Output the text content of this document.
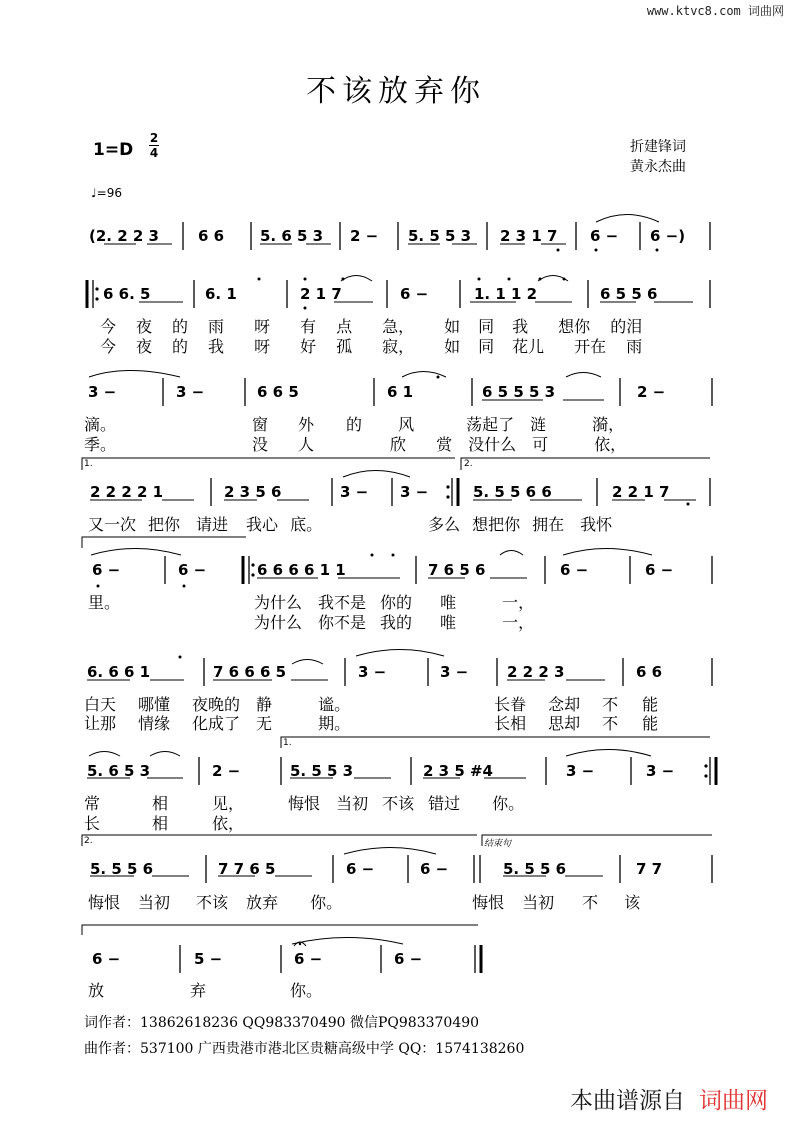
www.ktvc8.com 词曲网
不该放弃你
1=D
2
4	折建锋词
黄永杰曲
♩=96
1.	2.
1.
2.	结束句
(2. 2 2 3	6 6 5. 6 5 3 2 − 5. 5 5 3 2 3 1 7 6 − 6 −)
6 6. 5	6. 1	2 1 7	6 −	1. 1 1 2	6 5 5 6
今 夜 的 雨 呀 有 点 急， 如 同 我 想你 的泪
今 夜 的 我 呀 好 孤 寂， 如 同 花儿 开在 雨
3 −	3 −	6 6 5	6 1	6 5 5 5 3	2 −
滴。	窗 外 的 风	荡起了 涟	漪，
季。	没 人	欣 赏 没什么 可	依，
2 2 2 2 1	2 3 5 6	3 − 3 −	5. 5 5 6 6	2 2 1 7
又一次 把你 请进 我心 底。	多么 想把你 拥在 我怀
6 −	6 −	6 6 6 6 1 1	7 6 5 6	6 −	6 −
里。	为什么 我不是 你的 唯	一，
为什么 你不是 我的 唯	一，
6. 6 6 1	7 6 6 6 5	3 −	3 −	2 2 2 3	6 6
白天 哪懂 夜晚的 静	谧。	长眷 念却 不 能
让那 情缘 化成了 无	期。	长相 思却 不 能
5. 6 5 3	2 −	5. 5 5 3	2 3 5 #4	3 −	3 −
常	相	见，	悔恨 当初 不该 错过 你。
长	相	依，
5. 5 5 6	7 7 6 5	6 −	6 −	5. 5 5 6	7 7
悔恨 当初 不该 放弃 你。	悔恨 当初 不 该
6 −	5 −	6 −	6 −
放	弃	你。
词作者：13862618236 QQ983370490 微信PQ983370490
曲作者：537100 广西贵港市港北区贵糖高级中学 QQ：1574138260
本曲谱源自 词曲网
